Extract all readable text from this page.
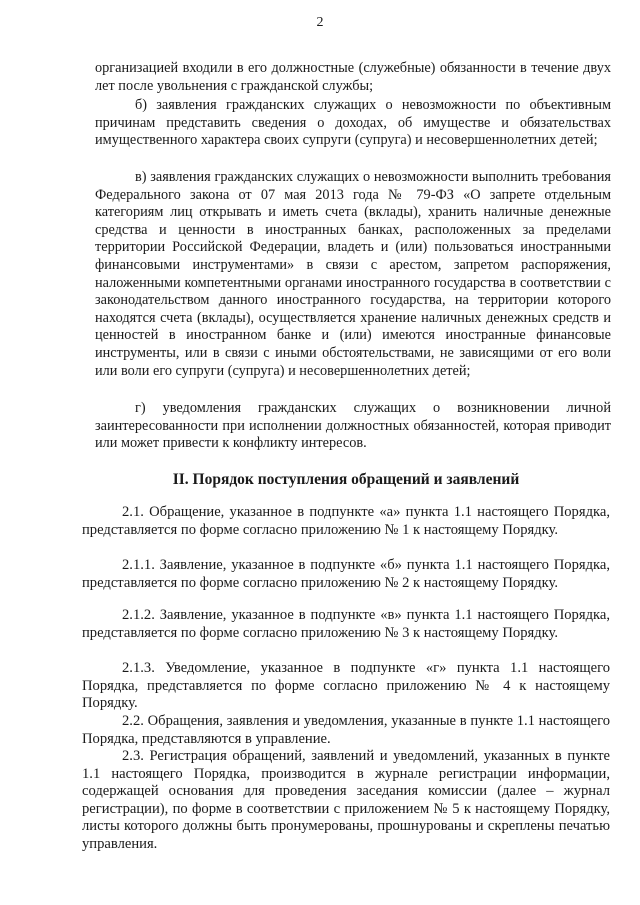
2

организацией входили в его должностные (служебные) обязанности в течение двух лет после увольнения с гражданской службы;

б) заявления гражданских служащих о невозможности по объективным причинам представить сведения о доходах, об имуществе и обязательствах имущественного характера своих супруги (супруга) и несовершеннолетних детей;

в) заявления гражданских служащих о невозможности выполнить требования Федерального закона от 07 мая 2013 года № 79-ФЗ «О запрете отдельным категориям лиц открывать и иметь счета (вклады), хранить наличные денежные средства и ценности в иностранных банках, расположенных за пределами территории Российской Федерации, владеть и (или) пользоваться иностранными финансовыми инструментами» в связи с арестом, запретом распоряжения, наложенными компетентными органами иностранного государства в соответствии с законодательством данного иностранного государства, на территории которого находятся счета (вклады), осуществляется хранение наличных денежных средств и ценностей в иностранном банке и (или) имеются иностранные финансовые инструменты, или в связи с иными обстоятельствами, не зависящими от его воли или воли его супруги (супруга) и несовершеннолетних детей;

г) уведомления гражданских служащих о возникновении личной заинтересованности при исполнении должностных обязанностей, которая приводит или может привести к конфликту интересов.

II. Порядок поступления обращений и заявлений

2.1. Обращение, указанное в подпункте «а» пункта 1.1 настоящего Порядка, представляется по форме согласно приложению № 1 к настоящему Порядку.

2.1.1. Заявление, указанное в подпункте «б» пункта 1.1 настоящего Порядка, представляется по форме согласно приложению № 2 к настоящему Порядку.

2.1.2. Заявление, указанное в подпункте «в» пункта 1.1 настоящего Порядка, представляется по форме согласно приложению № 3 к настоящему Порядку.

2.1.3. Уведомление, указанное в подпункте «г» пункта 1.1 настоящего Порядка, представляется по форме согласно приложению № 4 к настоящему Порядку.

2.2. Обращения, заявления и уведомления, указанные в пункте 1.1 настоящего Порядка, представляются в управление.

2.3. Регистрация обращений, заявлений и уведомлений, указанных в пункте 1.1 настоящего Порядка, производится в журнале регистрации информации, содержащей основания для проведения заседания комиссии (далее – журнал регистрации), по форме в соответствии с приложением № 5 к настоящему Порядку, листы которого должны быть пронумерованы, прошнурованы и скреплены печатью управления.
